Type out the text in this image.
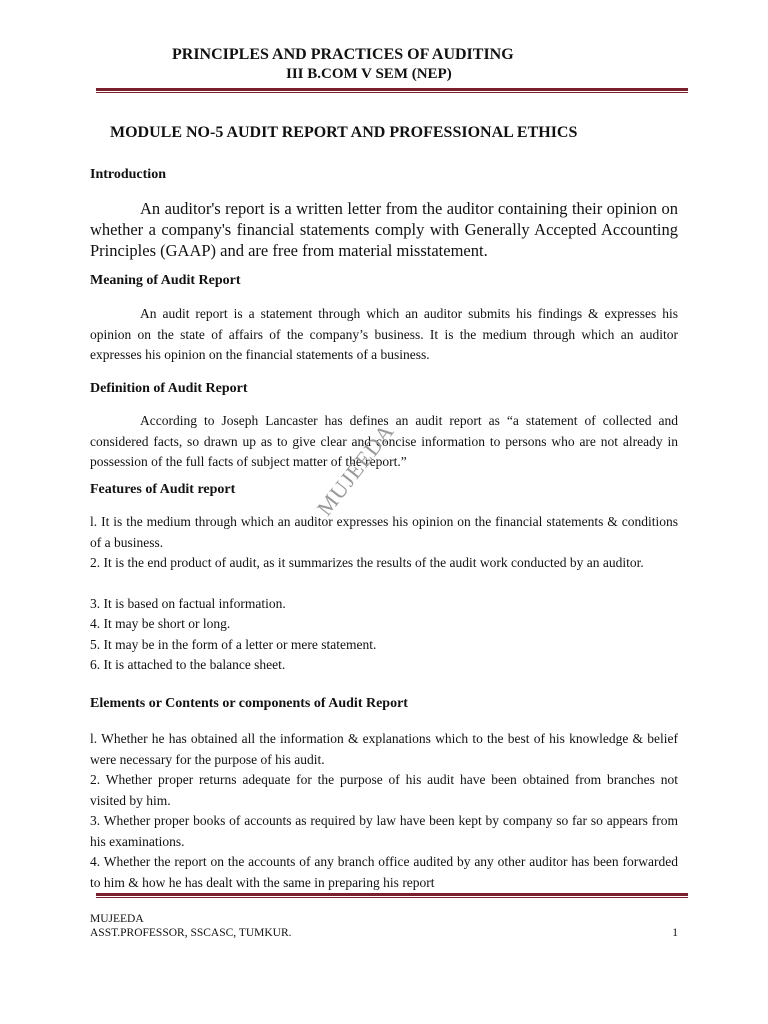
PRINCIPLES AND PRACTICES OF AUDITING
III B.COM V SEM (NEP)
MODULE NO-5 AUDIT REPORT AND PROFESSIONAL ETHICS
Introduction
An auditor's report is a written letter from the auditor containing their opinion on whether a company's financial statements comply with Generally Accepted Accounting Principles (GAAP) and are free from material misstatement.
Meaning of Audit Report
An audit report is a statement through which an auditor submits his findings & expresses his opinion on the state of affairs of the company’s business. It is the medium through which an auditor expresses his opinion on the financial statements of a business.
Definition of Audit Report
According to Joseph Lancaster has defines an audit report as “a statement of collected and considered facts, so drawn up as to give clear and concise information to persons who are not already in possession of the full facts of subject matter of the report.”
Features of Audit report
l. It is the medium through which an auditor expresses his opinion on the financial statements & conditions of a business.
2. It is the end product of audit, as it summarizes the results of the audit work conducted by an auditor.
3. It is based on factual information.
4. It may be short or long.
5. It may be in the form of a letter or mere statement.
6. It is attached to the balance sheet.
Elements or Contents or components of Audit Report
l. Whether he has obtained all the information & explanations which to the best of his knowledge & belief were necessary for the purpose of his audit.
2. Whether proper returns adequate for the purpose of his audit have been obtained from branches not visited by him.
3. Whether proper books of accounts as required by law have been kept by company so far so appears from his examinations.
4. Whether the report on the accounts of any branch office audited by any other auditor has been forwarded to him & how he has dealt with the same in preparing his report
MUJEEDA
ASST.PROFESSOR, SSCASC, TUMKUR.	1
MUJEEDA
